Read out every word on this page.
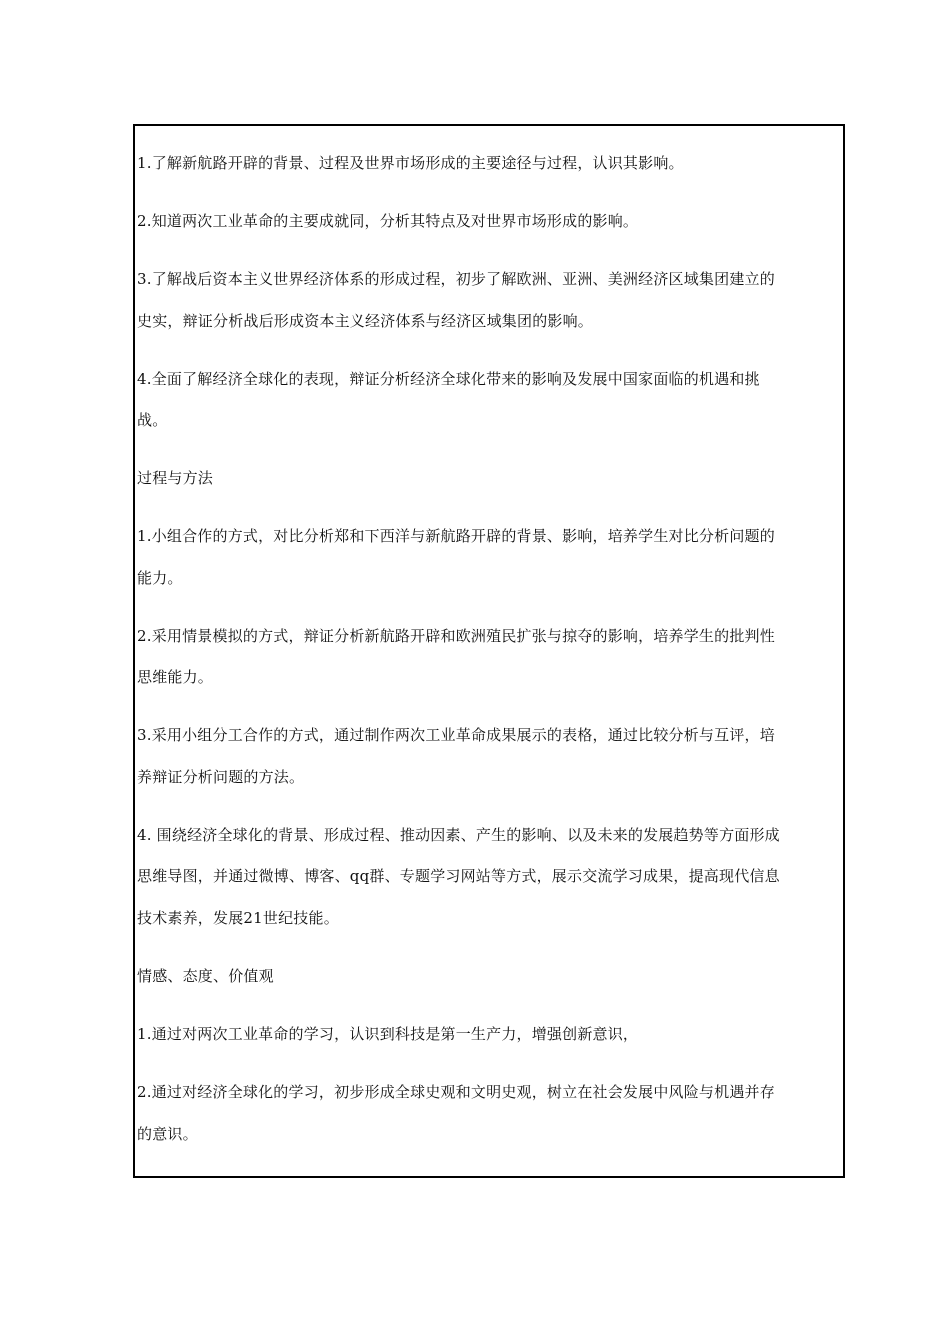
1.了解新航路开辟的背景、过程及世界市场形成的主要途径与过程，认识其影响。
2.知道两次工业革命的主要成就同，分析其特点及对世界市场形成的影响。
3.了解战后资本主义世界经济体系的形成过程，初步了解欧洲、亚洲、美洲经济区域集团建立的
史实，辩证分析战后形成资本主义经济体系与经济区域集团的影响。
4.全面了解经济全球化的表现，辩证分析经济全球化带来的影响及发展中国家面临的机遇和挑
战。
过程与方法
1.小组合作的方式，对比分析郑和下西洋与新航路开辟的背景、影响，培养学生对比分析问题的
能力。
2.采用情景模拟的方式，辩证分析新航路开辟和欧洲殖民扩张与掠夺的影响，培养学生的批判性
思维能力。
3.采用小组分工合作的方式，通过制作两次工业革命成果展示的表格，通过比较分析与互评，培
养辩证分析问题的方法。
4. 围绕经济全球化的背景、形成过程、推动因素、产生的影响、以及未来的发展趋势等方面形成
思维导图，并通过微博、博客、qq群、专题学习网站等方式，展示交流学习成果，提高现代信息
技术素养，发展21世纪技能。
情感、态度、价值观
1.通过对两次工业革命的学习，认识到科技是第一生产力，增强创新意识，
2.通过对经济全球化的学习，初步形成全球史观和文明史观，树立在社会发展中风险与机遇并存
的意识。
